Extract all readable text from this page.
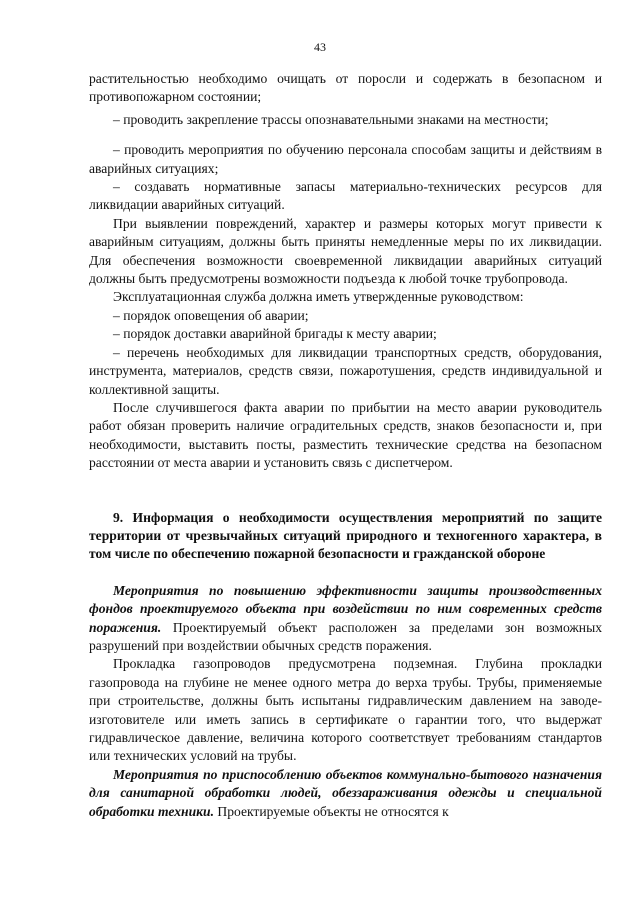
43

растительностью необходимо очищать от поросли и содержать в безопасном и противопожарном состоянии;

– проводить закрепление трассы опознавательными знаками на местности;

– проводить мероприятия по обучению персонала способам защиты и действиям в аварийных ситуациях;

– создавать нормативные запасы материально-технических ресурсов для ликвидации аварийных ситуаций.

При выявлении повреждений, характер и размеры которых могут привести к аварийным ситуациям, должны быть приняты немедленные меры по их ликвидации. Для обеспечения возможности своевременной ликвидации аварийных ситуаций должны быть предусмотрены возможности подъезда к любой точке трубопровода.

Эксплуатационная служба должна иметь утвержденные руководством:

– порядок оповещения об аварии;

– порядок доставки аварийной бригады к месту аварии;

– перечень необходимых для ликвидации транспортных средств, оборудования, инструмента, материалов, средств связи, пожаротушения, средств индивидуальной и коллективной защиты.

После случившегося факта аварии по прибытии на место аварии руководитель работ обязан проверить наличие оградительных средств, знаков безопасности и, при необходимости, выставить посты, разместить технические средства на безопасном расстоянии от места аварии и установить связь с диспетчером.

9. Информация о необходимости осуществления мероприятий по защите территории от чрезвычайных ситуаций природного и техногенного характера, в том числе по обеспечению пожарной безопасности и гражданской обороне

Мероприятия по повышению эффективности защиты производственных фондов проектируемого объекта при воздействии по ним современных средств поражения. Проектируемый объект расположен за пределами зон возможных разрушений при воздействии обычных средств поражения.

Прокладка газопроводов предусмотрена подземная. Глубина прокладки газопровода на глубине не менее одного метра до верха трубы. Трубы, применяемые при строительстве, должны быть испытаны гидравлическим давлением на заводе-изготовителе или иметь запись в сертификате о гарантии того, что выдержат гидравлическое давление, величина которого соответствует требованиям стандартов или технических условий на трубы.

Мероприятия по приспособлению объектов коммунально-бытового назначения для санитарной обработки людей, обеззараживания одежды и специальной обработки техники. Проектируемые объекты не относятся к
